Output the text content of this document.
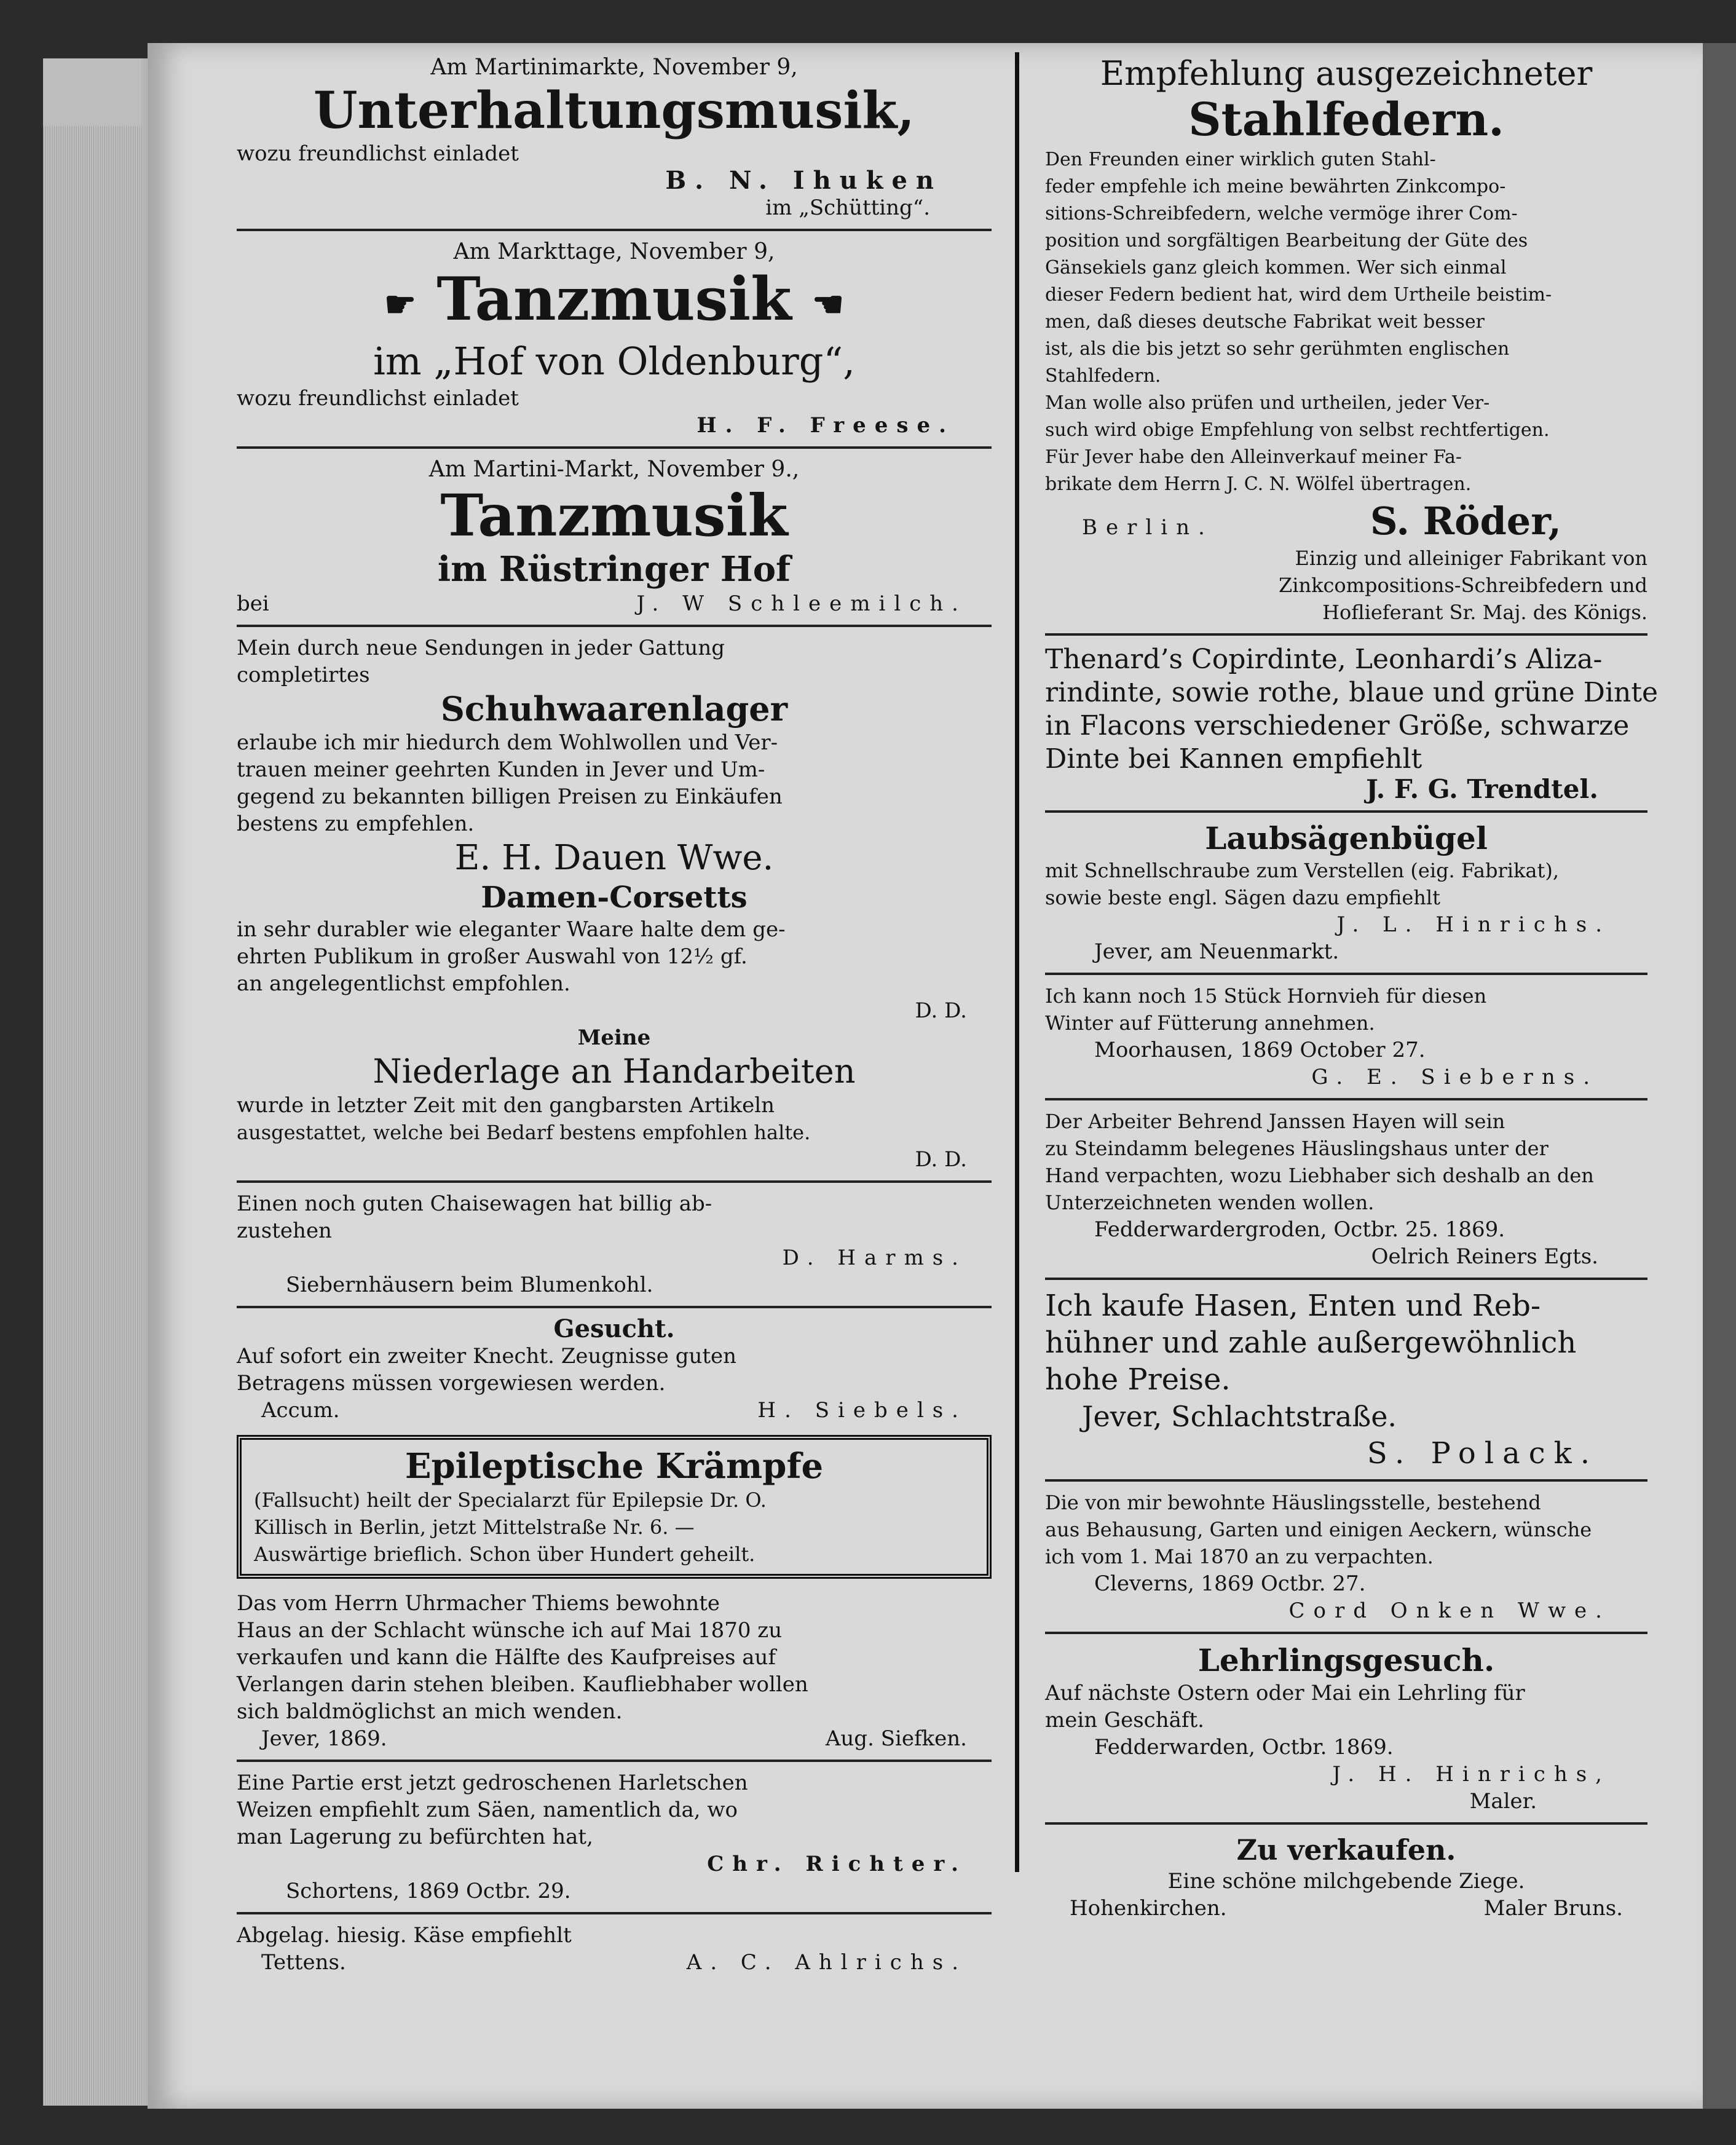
Am Martinimarkte, November 9,
Unterhaltungsmusik,
wozu freundlichst einladet
B. N. Ihuken
im „Schütting“.
Am Markttage, November 9,
☛ Tanzmusik ☚
im „Hof von Oldenburg“,
wozu freundlichst einladet
H. F. Freese.
Am Martini-Markt, November 9.,
Tanzmusik
im Rüstringer Hof
bei	J. W Schleemilch.
Mein durch neue Sendungen in jeder Gattung
completirtes
Schuhwaarenlager
erlaube ich mir hiedurch dem Wohlwollen und Ver-
trauen meiner geehrten Kunden in Jever und Um-
gegend zu bekannten billigen Preisen zu Einkäufen
bestens zu empfehlen.
E. H. Dauen Wwe.
Damen-Corsetts
in sehr durabler wie eleganter Waare halte dem ge-
ehrten Publikum in großer Auswahl von 12½ gf.
an angelegentlichst empfohlen.
D. D.
Meine
Niederlage an Handarbeiten
wurde in letzter Zeit mit den gangbarsten Artikeln
ausgestattet, welche bei Bedarf bestens empfohlen halte.
D. D.
Einen noch guten Chaisewagen hat billig ab-
zustehen
D. Harms.
Siebernhäusern beim Blumenkohl.
Gesucht.
Auf sofort ein zweiter Knecht. Zeugnisse guten
Betragens müssen vorgewiesen werden.
Accum.	H. Siebels.
Epileptische Krämpfe
(Fallsucht) heilt der Specialarzt für Epilepsie Dr. O.
Killisch in Berlin, jetzt Mittelstraße Nr. 6. —
Auswärtige brieflich. Schon über Hundert geheilt.
Das vom Herrn Uhrmacher Thiems bewohnte
Haus an der Schlacht wünsche ich auf Mai 1870 zu
verkaufen und kann die Hälfte des Kaufpreises auf
Verlangen darin stehen bleiben. Kaufliebhaber wollen
sich baldmöglichst an mich wenden.
Jever, 1869.	Aug. Siefken.
Eine Partie erst jetzt gedroschenen Harletschen
Weizen empfiehlt zum Säen, namentlich da, wo
man Lagerung zu befürchten hat,
Chr. Richter.
Schortens, 1869 Octbr. 29.
Abgelag. hiesig. Käse empfiehlt
Tettens.	A. C. Ahlrichs.
Empfehlung ausgezeichneter
Stahlfedern.
Den Freunden einer wirklich guten Stahl-
feder empfehle ich meine bewährten Zinkcompo-
sitions-Schreibfedern, welche vermöge ihrer Com-
position und sorgfältigen Bearbeitung der Güte des
Gänsekiels ganz gleich kommen. Wer sich einmal
dieser Federn bedient hat, wird dem Urtheile beistim-
men, daß dieses deutsche Fabrikat weit besser
ist, als die bis jetzt so sehr gerühmten englischen
Stahlfedern.
Man wolle also prüfen und urtheilen, jeder Ver-
such wird obige Empfehlung von selbst rechtfertigen.
Für Jever habe den Alleinverkauf meiner Fa-
brikate dem Herrn J. C. N. Wölfel übertragen.
Berlin.	S. Röder,
Einzig und alleiniger Fabrikant von
Zinkcompositions-Schreibfedern und
Hoflieferant Sr. Maj. des Königs.
Thenard’s Copirdinte, Leonhardi’s Aliza-
rindinte, sowie rothe, blaue und grüne Dinte
in Flacons verschiedener Größe, schwarze
Dinte bei Kannen empfiehlt
J. F. G. Trendtel.
Laubsägenbügel
mit Schnellschraube zum Verstellen (eig. Fabrikat),
sowie beste engl. Sägen dazu empfiehlt
J. L. Hinrichs.
Jever, am Neuenmarkt.
Ich kann noch 15 Stück Hornvieh für diesen
Winter auf Fütterung annehmen.
Moorhausen, 1869 October 27.
G. E. Sieberns.
Der Arbeiter Behrend Janssen Hayen will sein
zu Steindamm belegenes Häuslingshaus unter der
Hand verpachten, wozu Liebhaber sich deshalb an den
Unterzeichneten wenden wollen.
Fedderwardergroden, Octbr. 25. 1869.
Oelrich Reiners Egts.
Ich kaufe Hasen, Enten und Reb-
hühner und zahle außergewöhnlich
hohe Preise.
Jever, Schlachtstraße.
S. Polack.
Die von mir bewohnte Häuslingsstelle, bestehend
aus Behausung, Garten und einigen Aeckern, wünsche
ich vom 1. Mai 1870 an zu verpachten.
Cleverns, 1869 Octbr. 27.
Cord Onken Wwe.
Lehrlingsgesuch.
Auf nächste Ostern oder Mai ein Lehrling für
mein Geschäft.
Fedderwarden, Octbr. 1869.
J. H. Hinrichs,
Maler.
Zu verkaufen.
Eine schöne milchgebende Ziege.
Hohenkirchen.	Maler Bruns.
